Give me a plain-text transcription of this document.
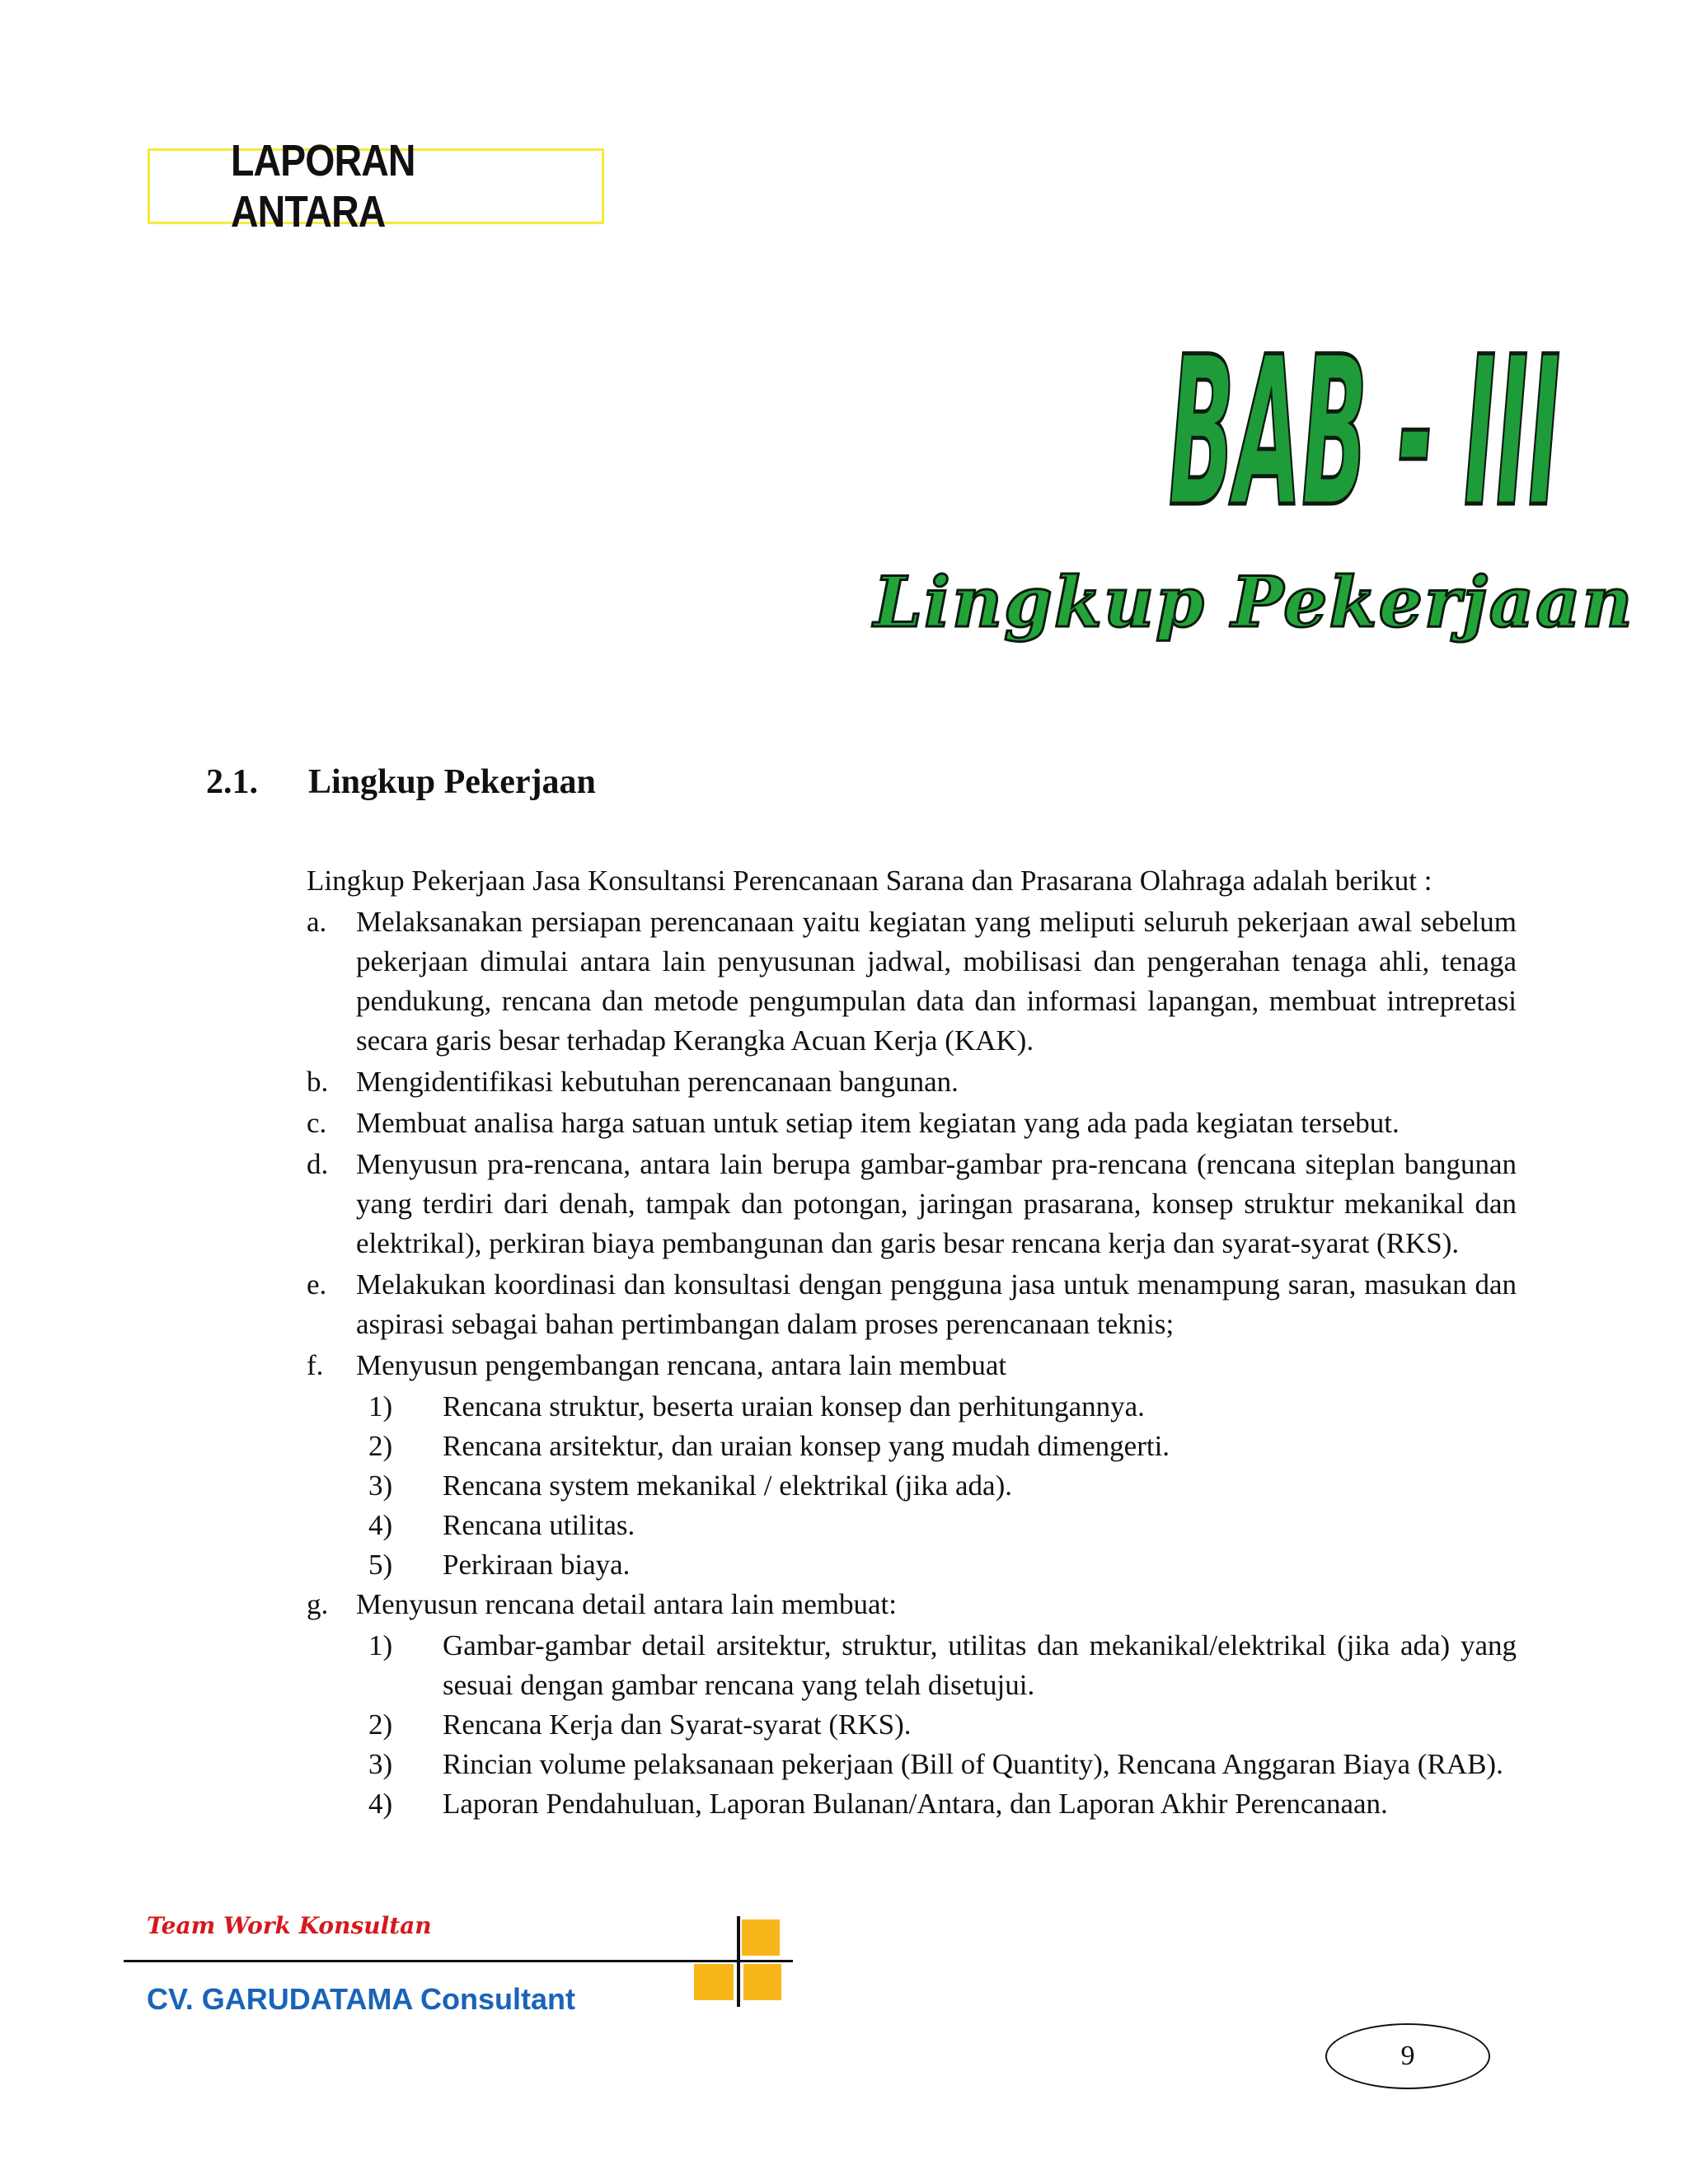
LAPORAN ANTARA
BAB - III
Lingkup Pekerjaan
2.1.	Lingkup Pekerjaan

Lingkup Pekerjaan Jasa Konsultansi Perencanaan Sarana dan Prasarana Olahraga adalah berikut :

a.	Melaksanakan persiapan perencanaan yaitu kegiatan yang meliputi seluruh pekerjaan awal sebelum pekerjaan dimulai antara lain penyusunan jadwal, mobilisasi dan pengerahan tenaga ahli, tenaga pendukung, rencana dan metode pengumpulan data dan informasi lapangan, membuat intrepretasi secara garis besar terhadap Kerangka Acuan Kerja (KAK).
b. Mengidentifikasi kebutuhan perencanaan bangunan.
c.	Membuat analisa harga satuan untuk setiap item kegiatan yang ada pada kegiatan tersebut.
d. Menyusun pra-rencana, antara lain berupa gambar-gambar pra-rencana (rencana siteplan bangunan yang terdiri dari denah, tampak dan potongan, jaringan prasarana, konsep struktur mekanikal dan elektrikal), perkiran biaya pembangunan dan garis besar rencana kerja dan syarat-syarat (RKS).
e.	Melakukan koordinasi dan konsultasi dengan pengguna jasa untuk menampung saran, masukan dan aspirasi sebagai bahan pertimbangan dalam proses perencanaan teknis;
f.	Menyusun pengembangan rencana, antara lain membuat
1)	Rencana struktur, beserta uraian konsep dan perhitungannya.
2)	Rencana arsitektur, dan uraian konsep yang mudah dimengerti.
3)	Rencana system mekanikal / elektrikal (jika ada).
4)	Rencana utilitas.
5)	Perkiraan biaya.
g. Menyusun rencana detail antara lain membuat:
1)	Gambar-gambar detail arsitektur, struktur, utilitas dan mekanikal/elektrikal (jika ada) yang sesuai dengan gambar rencana yang telah disetujui.
2)	Rencana Kerja dan Syarat-syarat (RKS).
3)	Rincian volume pelaksanaan pekerjaan (Bill of Quantity), Rencana Anggaran Biaya (RAB).
4)	Laporan Pendahuluan, Laporan Bulanan/Antara, dan Laporan Akhir Perencanaan.
Team Work Konsultan
CV. GARUDATAMA Consultant
9
